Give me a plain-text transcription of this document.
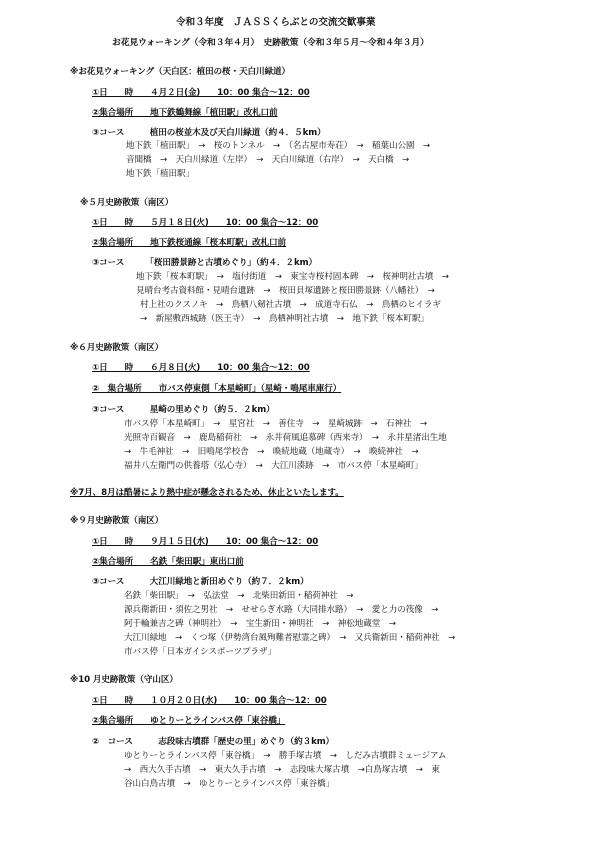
令和３年度　ＪＡＳＳくらぶとの交流交歓事業
お花見ウォーキング（令和３年４月）　史跡散策（令和３年５月～令和４年３月）
※お花見ウォーキング（天白区：植田の桜・天白川緑道）
①日　　時　　４月２日(金)　　10：00 集合～12：00
②集合場所　　地下鉄鶴舞線「植田駅」改札口前
③コース　　　植田の桜並木及び天白川緑道（約４．５km）
地下鉄「植田駅」　→　桜のトンネル　→　（名古屋市寿荘）　→　稲葉山公園　→
音聞橋　→　天白川緑道（左岸）　→　天白川緑道（右岸）　→　天白橋　→
地下鉄「植田駅」
※５月史跡散策（南区）
①日　　時　　５月１８日(火)　　10：00 集合～12：00
②集合場所　　地下鉄桜通線「桜本町駅」改札口前
③コース　　　「桜田勝景跡と古墳めぐり」（約４．２km）
地下鉄「桜本町駅」　→　塩付街道　→　東宝寺桜村固本碑　→　桜神明社古墳　→
見晴台考古資料館・見晴台遺跡　→　桜田貝塚遺跡と桜田勝景跡（八幡社）　→
村上社のクスノキ　→　鳥栖八剱社古墳　→　成道寺石仏　→　鳥栖のヒイラギ
→　新屋敷西城跡（医王寺）　→　鳥栖神明社古墳　→　地下鉄「桜本町駅」
※６月史跡散策（南区）
①日　　時　　６月８日(火)　　10：00 集合～12：00
②　集合場所　　市バス停東側「本星崎町」（星崎・鳴尾車庫行）
③コース　　　星崎の里めぐり（約５．２km）
市バス停「本星崎町」　→　星宮社　→　善住寺　→　星崎城跡　→　石神社　→
光照寺百観音　→　鹿島稲荷社　→　永井荷風追慕碑（西来寺）　→　永井星渚出生地
→　牛毛神社　→　旧鳴尾学校舎　→　喚続地蔵（地蔵寺）　→　喚続神社　→
福井八左衛門の供養塔（弘心寺）　→　大江川湊跡　→　市バス停「本星崎町」
※7月、8月は酷暑により熱中症が懸念されるため、休止といたします。
※９月史跡散策（南区）
①日　　時　　９月１５日(水)　　10：00 集合～12：00
②集合場所　　名鉄「柴田駅」東出口前
③コース　　　大江川緑地と新田めぐり（約７．２km）
名鉄「柴田駅」　→　弘法堂　→　北柴田新田・稲荷神社　→
源兵衛新田・須佐之男社　→　せせらぎ水路（大同排水路）　→　愛と力の筏像　→
阿千輪兼吉之碑（神明社）　→　宝生新田・神明社　→　神松地蔵堂　→
大江川緑地　→　くつ塚（伊勢湾台風殉難者慰霊之碑）　→　又兵衛新田・稲荷神社　→
市バス停「日本ガイシスポーツプラザ」
※10 月史跡散策（守山区）
①日　　時　　１０月２０日(水)　　10：00 集合～12：00
②集合場所　　ゆとりーとラインバス停「東谷橋」
②　コース　　　志段味古墳群「歴史の里」めぐり（約３km）
ゆとりーとラインバス停「東谷橋」　→　勝手塚古墳　→　しだみ古墳群ミュージアム
→　西大久手古墳　→　東大久手古墳　→　志段味大塚古墳　→白鳥塚古墳　→　東
谷山白鳥古墳　→　ゆとりーとラインバス停「東谷橋」
